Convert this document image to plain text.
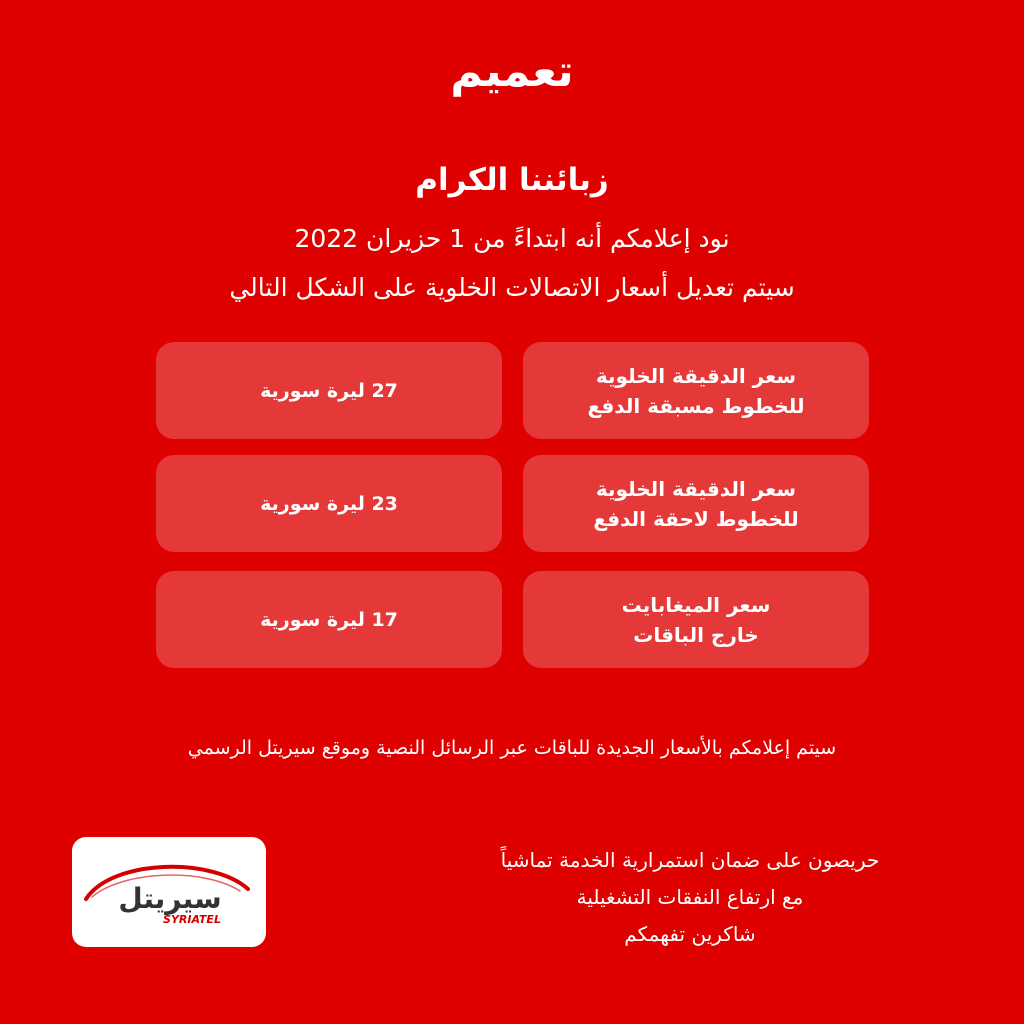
تعميم
زبائننا الكرام
نود إعلامكم أنه ابتداءً من 1 حزيران 2022
سيتم تعديل أسعار الاتصالات الخلوية على الشكل التالي
سعر الدقيقة الخلوية
للخطوط مسبقة الدفع
27 ليرة سورية
سعر الدقيقة الخلوية
للخطوط لاحقة الدفع
23 ليرة سورية
سعر الميغابايت
خارج الباقات
17 ليرة سورية
سيتم إعلامكم بالأسعار الجديدة للباقات عبر الرسائل النصية وموقع سيريتل الرسمي
حريصون على ضمان استمرارية الخدمة تماشياً
مع ارتفاع النفقات التشغيلية
شاكرين تفهمكم
سيريتل
SYRIATEL
